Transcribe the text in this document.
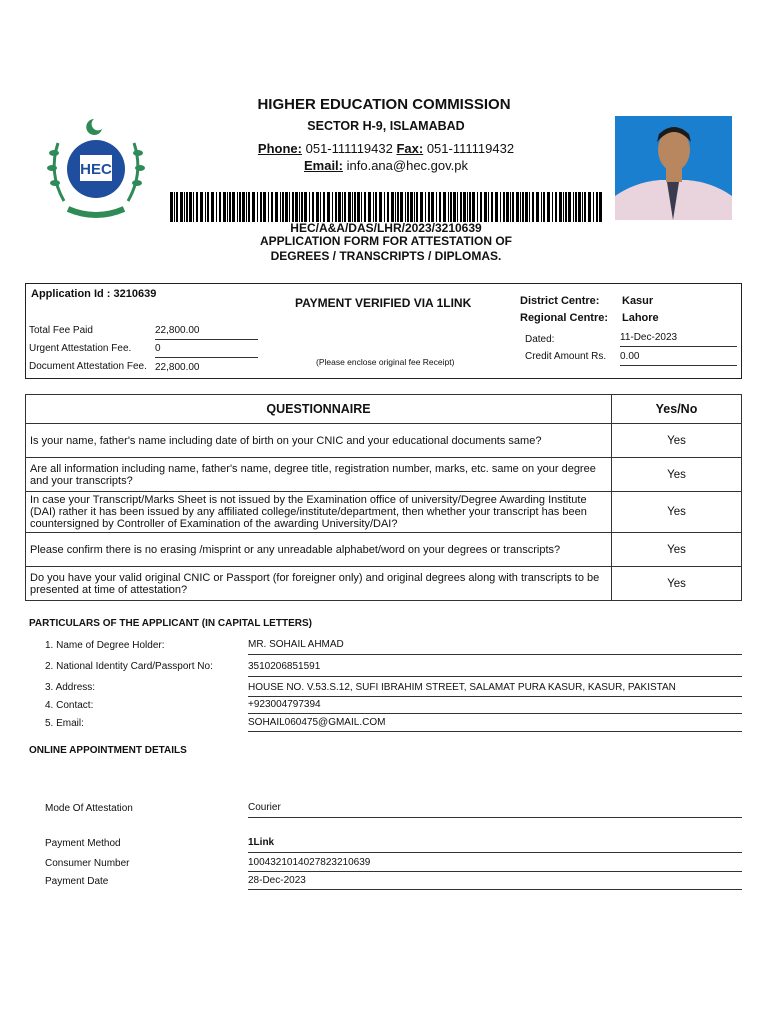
HEC
HIGHER EDUCATION COMMISSION
SECTOR H-9, ISLAMABAD
Phone: 051-111119432 Fax: 051-111119432
Email: info.ana@hec.gov.pk
HEC/A&A/DAS/LHR/2023/3210639
APPLICATION FORM FOR ATTESTATION OF
DEGREES / TRANSCRIPTS / DIPLOMAS.
Application Id : 3210639
PAYMENT VERIFIED VIA 1LINK
Total Fee Paid	22,800.00
Urgent Attestation Fee. 0
Document Attestation Fee. 22,800.00	(Please enclose original fee Receipt)
District Centre: Kasur
Regional Centre: Lahore
Dated:	11-Dec-2023
Credit Amount Rs. 0.00
QUESTIONNAIRE	Yes/No
Is your name, father's name including date of birth on your CNIC and your educational documents same?	Yes
Are all information including name, father's name, degree title, registration number, marks, etc. same on your degree and your transcripts?	Yes
In case your Transcript/Marks Sheet is not issued by the Examination office of university/Degree Awarding Institute (DAI) rather it has been issued by any affiliated college/institute/department, then whether your transcript has been countersigned by Controller of Examination of the awarding University/DAI?	Yes
Please confirm there is no erasing /misprint or any unreadable alphabet/word on your degrees or transcripts?	Yes
Do you have your valid original CNIC or Passport (for foreigner only) and original degrees along with transcripts to be presented at time of attestation?	Yes
PARTICULARS OF THE APPLICANT (IN CAPITAL LETTERS)
1. Name of Degree Holder:	MR. SOHAIL AHMAD
2. National Identity Card/Passport No:	3510206851591
3. Address:	HOUSE NO. V.53.S.12, SUFI IBRAHIM STREET, SALAMAT PURA KASUR, KASUR, PAKISTAN
4. Contact:	+923004797394
5. Email:	SOHAIL060475@GMAIL.COM
ONLINE APPOINTMENT DETAILS
Mode Of Attestation	Courier
Payment Method	1Link
Consumer Number	1004321014027823210639
Payment Date	28-Dec-2023
